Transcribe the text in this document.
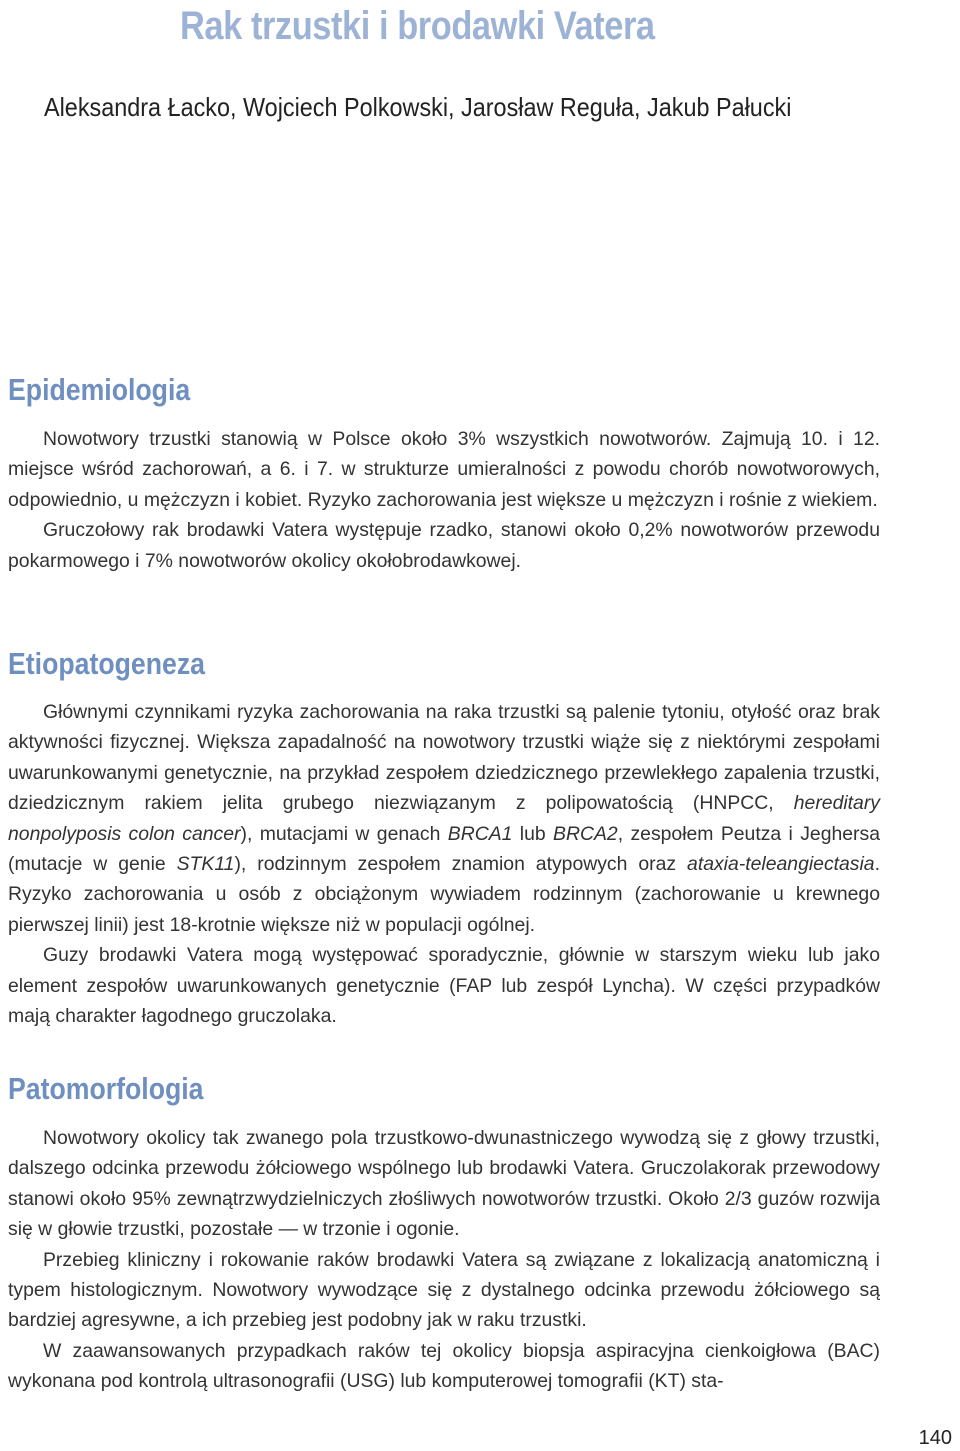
Rak trzustki i brodawki Vatera
Aleksandra Łacko, Wojciech Polkowski, Jarosław Reguła, Jakub Pałucki
Epidemiologia

Nowotwory trzustki stanowią w Polsce około 3% wszystkich nowotworów. Zajmują 10. i 12. miejsce wśród zachorowań, a 6. i 7. w strukturze umieralności z powodu chorób nowotworowych, odpowiednio, u mężczyzn i kobiet. Ryzyko zachorowania jest większe u mężczyzn i rośnie z wiekiem.

Gruczołowy rak brodawki Vatera występuje rzadko, stanowi około 0,2% nowotworów przewodu pokarmowego i 7% nowotworów okolicy okołobrodawkowej.

Etiopatogeneza

Głównymi czynnikami ryzyka zachorowania na raka trzustki są palenie tytoniu, otyłość oraz brak aktywności fizycznej. Większa zapadalność na nowotwory trzustki wiąże się z niektórymi zespołami uwarunkowanymi genetycznie, na przykład zespołem dziedzicznego przewlekłego zapalenia trzustki, dziedzicznym rakiem jelita grubego niezwiązanym z polipowatością (HNPCC, hereditary nonpolyposis colon cancer), mutacjami w genach BRCA1 lub BRCA2, zespołem Peutza i Jeghersa (mutacje w genie STK11), rodzinnym zespołem znamion atypowych oraz ataxia-teleangiectasia. Ryzyko zachorowania u osób z obciążonym wywiadem rodzinnym (zachorowanie u krewnego pierwszej linii) jest 18-krotnie większe niż w populacji ogólnej.

Guzy brodawki Vatera mogą występować sporadycznie, głównie w starszym wieku lub jako element zespołów uwarunkowanych genetycznie (FAP lub zespół Lyncha). W części przypadków mają charakter łagodnego gruczolaka.

Patomorfologia

Nowotwory okolicy tak zwanego pola trzustkowo-dwunastniczego wywodzą się z głowy trzustki, dalszego odcinka przewodu żółciowego wspólnego lub brodawki Vatera. Gruczolakorak przewodowy stanowi około 95% zewnątrzwydzielniczych złośliwych nowotworów trzustki. Około 2/3 guzów rozwija się w głowie trzustki, pozostałe — w trzonie i ogonie.

Przebieg kliniczny i rokowanie raków brodawki Vatera są związane z lokalizacją anatomiczną i typem histologicznym. Nowotwory wywodzące się z dystalnego odcinka przewodu żółciowego są bardziej agresywne, a ich przebieg jest podobny jak w raku trzustki.

W zaawansowanych przypadkach raków tej okolicy biopsja aspiracyjna cienkoigłowa (BAC) wykonana pod kontrolą ultrasonografii (USG) lub komputerowej tomografii (KT) sta-

140
